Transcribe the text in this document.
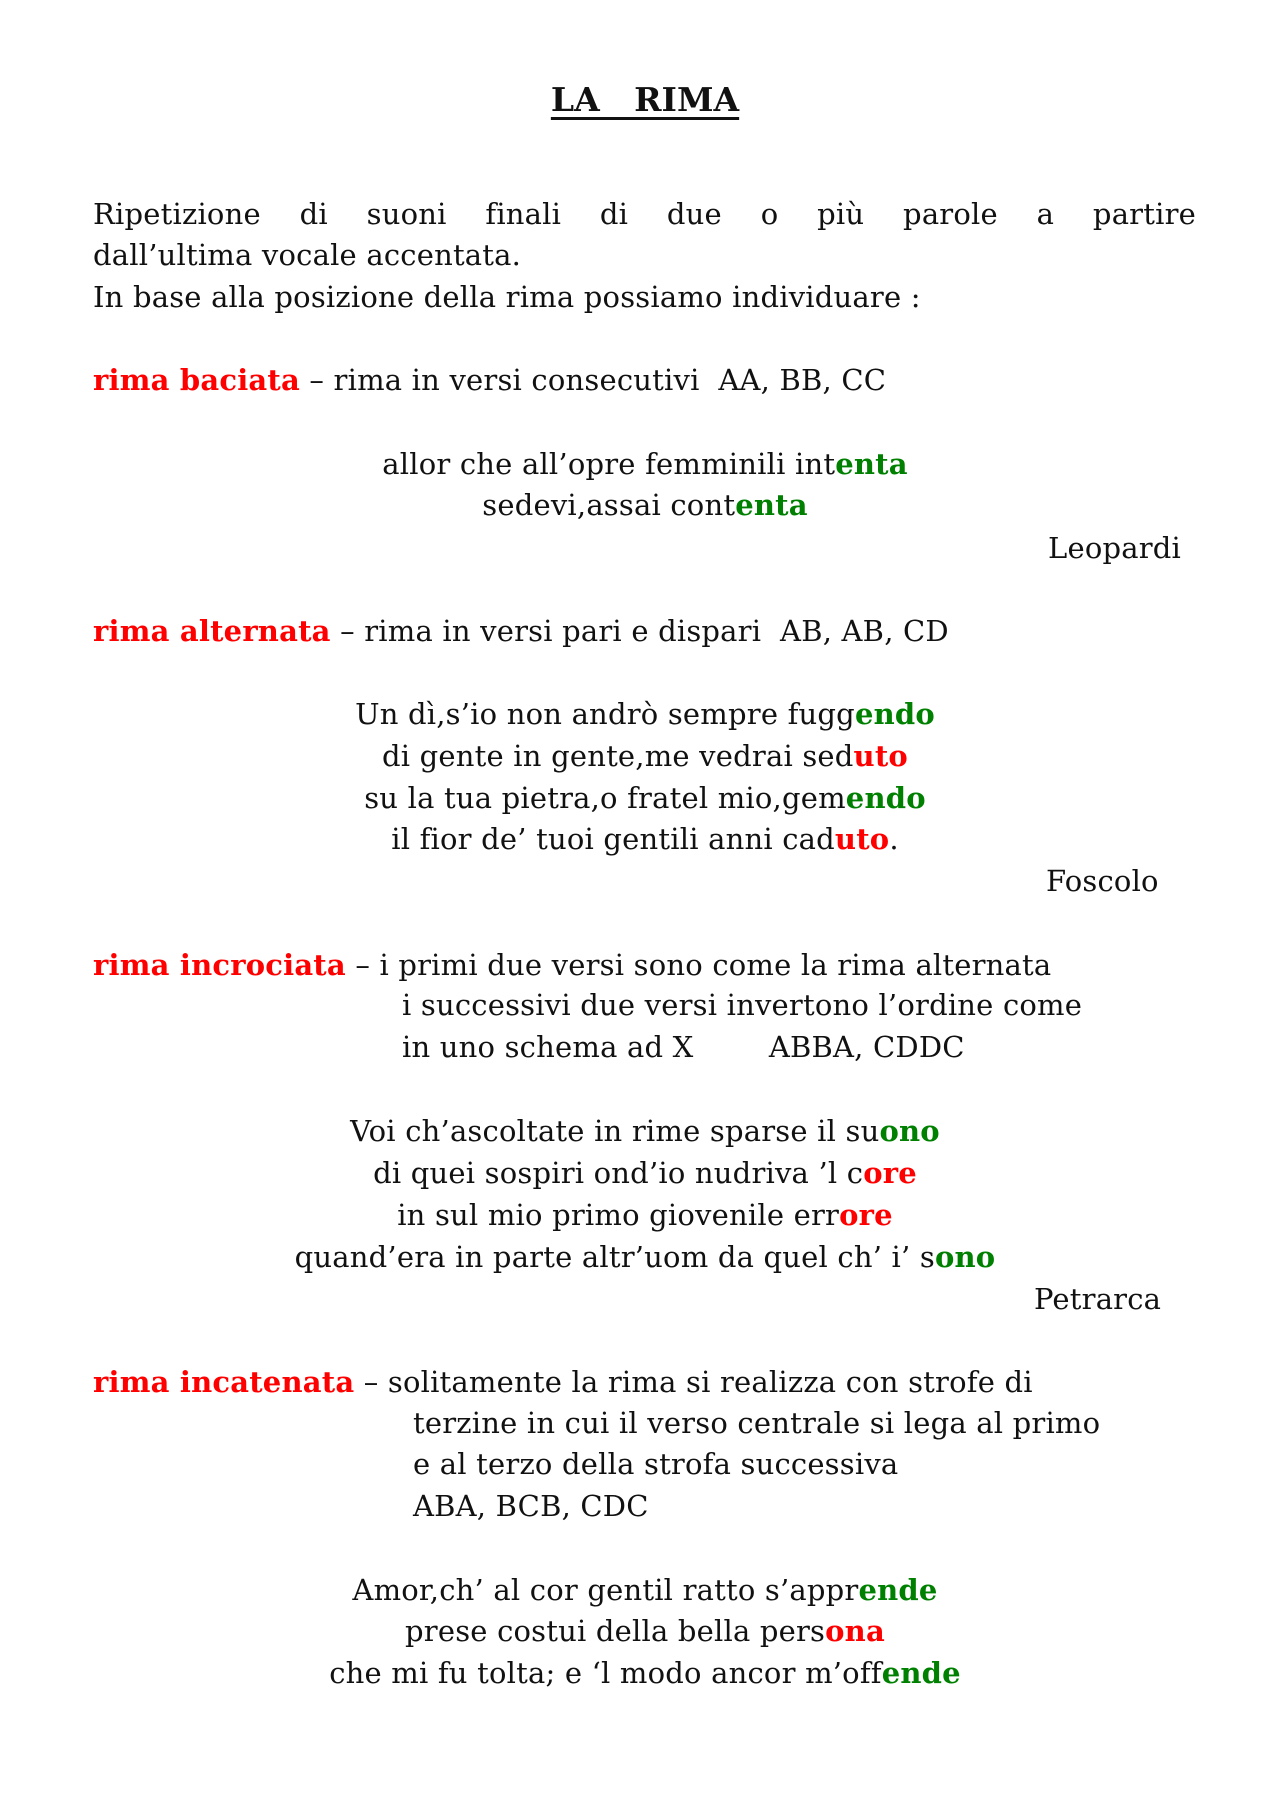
LA   RIMA
Ripetizione di suoni finali di due o più parole a partire
dall’ultima vocale accentata.
In base alla posizione della rima possiamo individuare :
rima baciata – rima in versi consecutivi  AA, BB, CC
allor che all’opre femminili intenta
sedevi,assai contenta
Leopardi
rima alternata – rima in versi pari e dispari  AB, AB, CD
Un dì,s’io non andrò sempre fuggendo
di gente in gente,me vedrai seduto
su la tua pietra,o fratel mio,gemendo
il fior de’ tuoi gentili anni caduto.
Foscolo
rima incrociata – i primi due versi sono come la rima alternata
i successivi due versi invertono l’ordine come
in uno schema ad X        ABBA, CDDC
Voi ch’ascoltate in rime sparse il suono
di quei sospiri ond’io nudriva ’l core
in sul mio primo giovenile errore
quand’era in parte altr’uom da quel ch’ i’ sono
Petrarca
rima incatenata – solitamente la rima si realizza con strofe di
terzine in cui il verso centrale si lega al primo
e al terzo della strofa successiva
ABA, BCB, CDC
Amor,ch’ al cor gentil ratto s’apprende
prese costui della bella persona
che mi fu tolta; e ‘l modo ancor m’offende
